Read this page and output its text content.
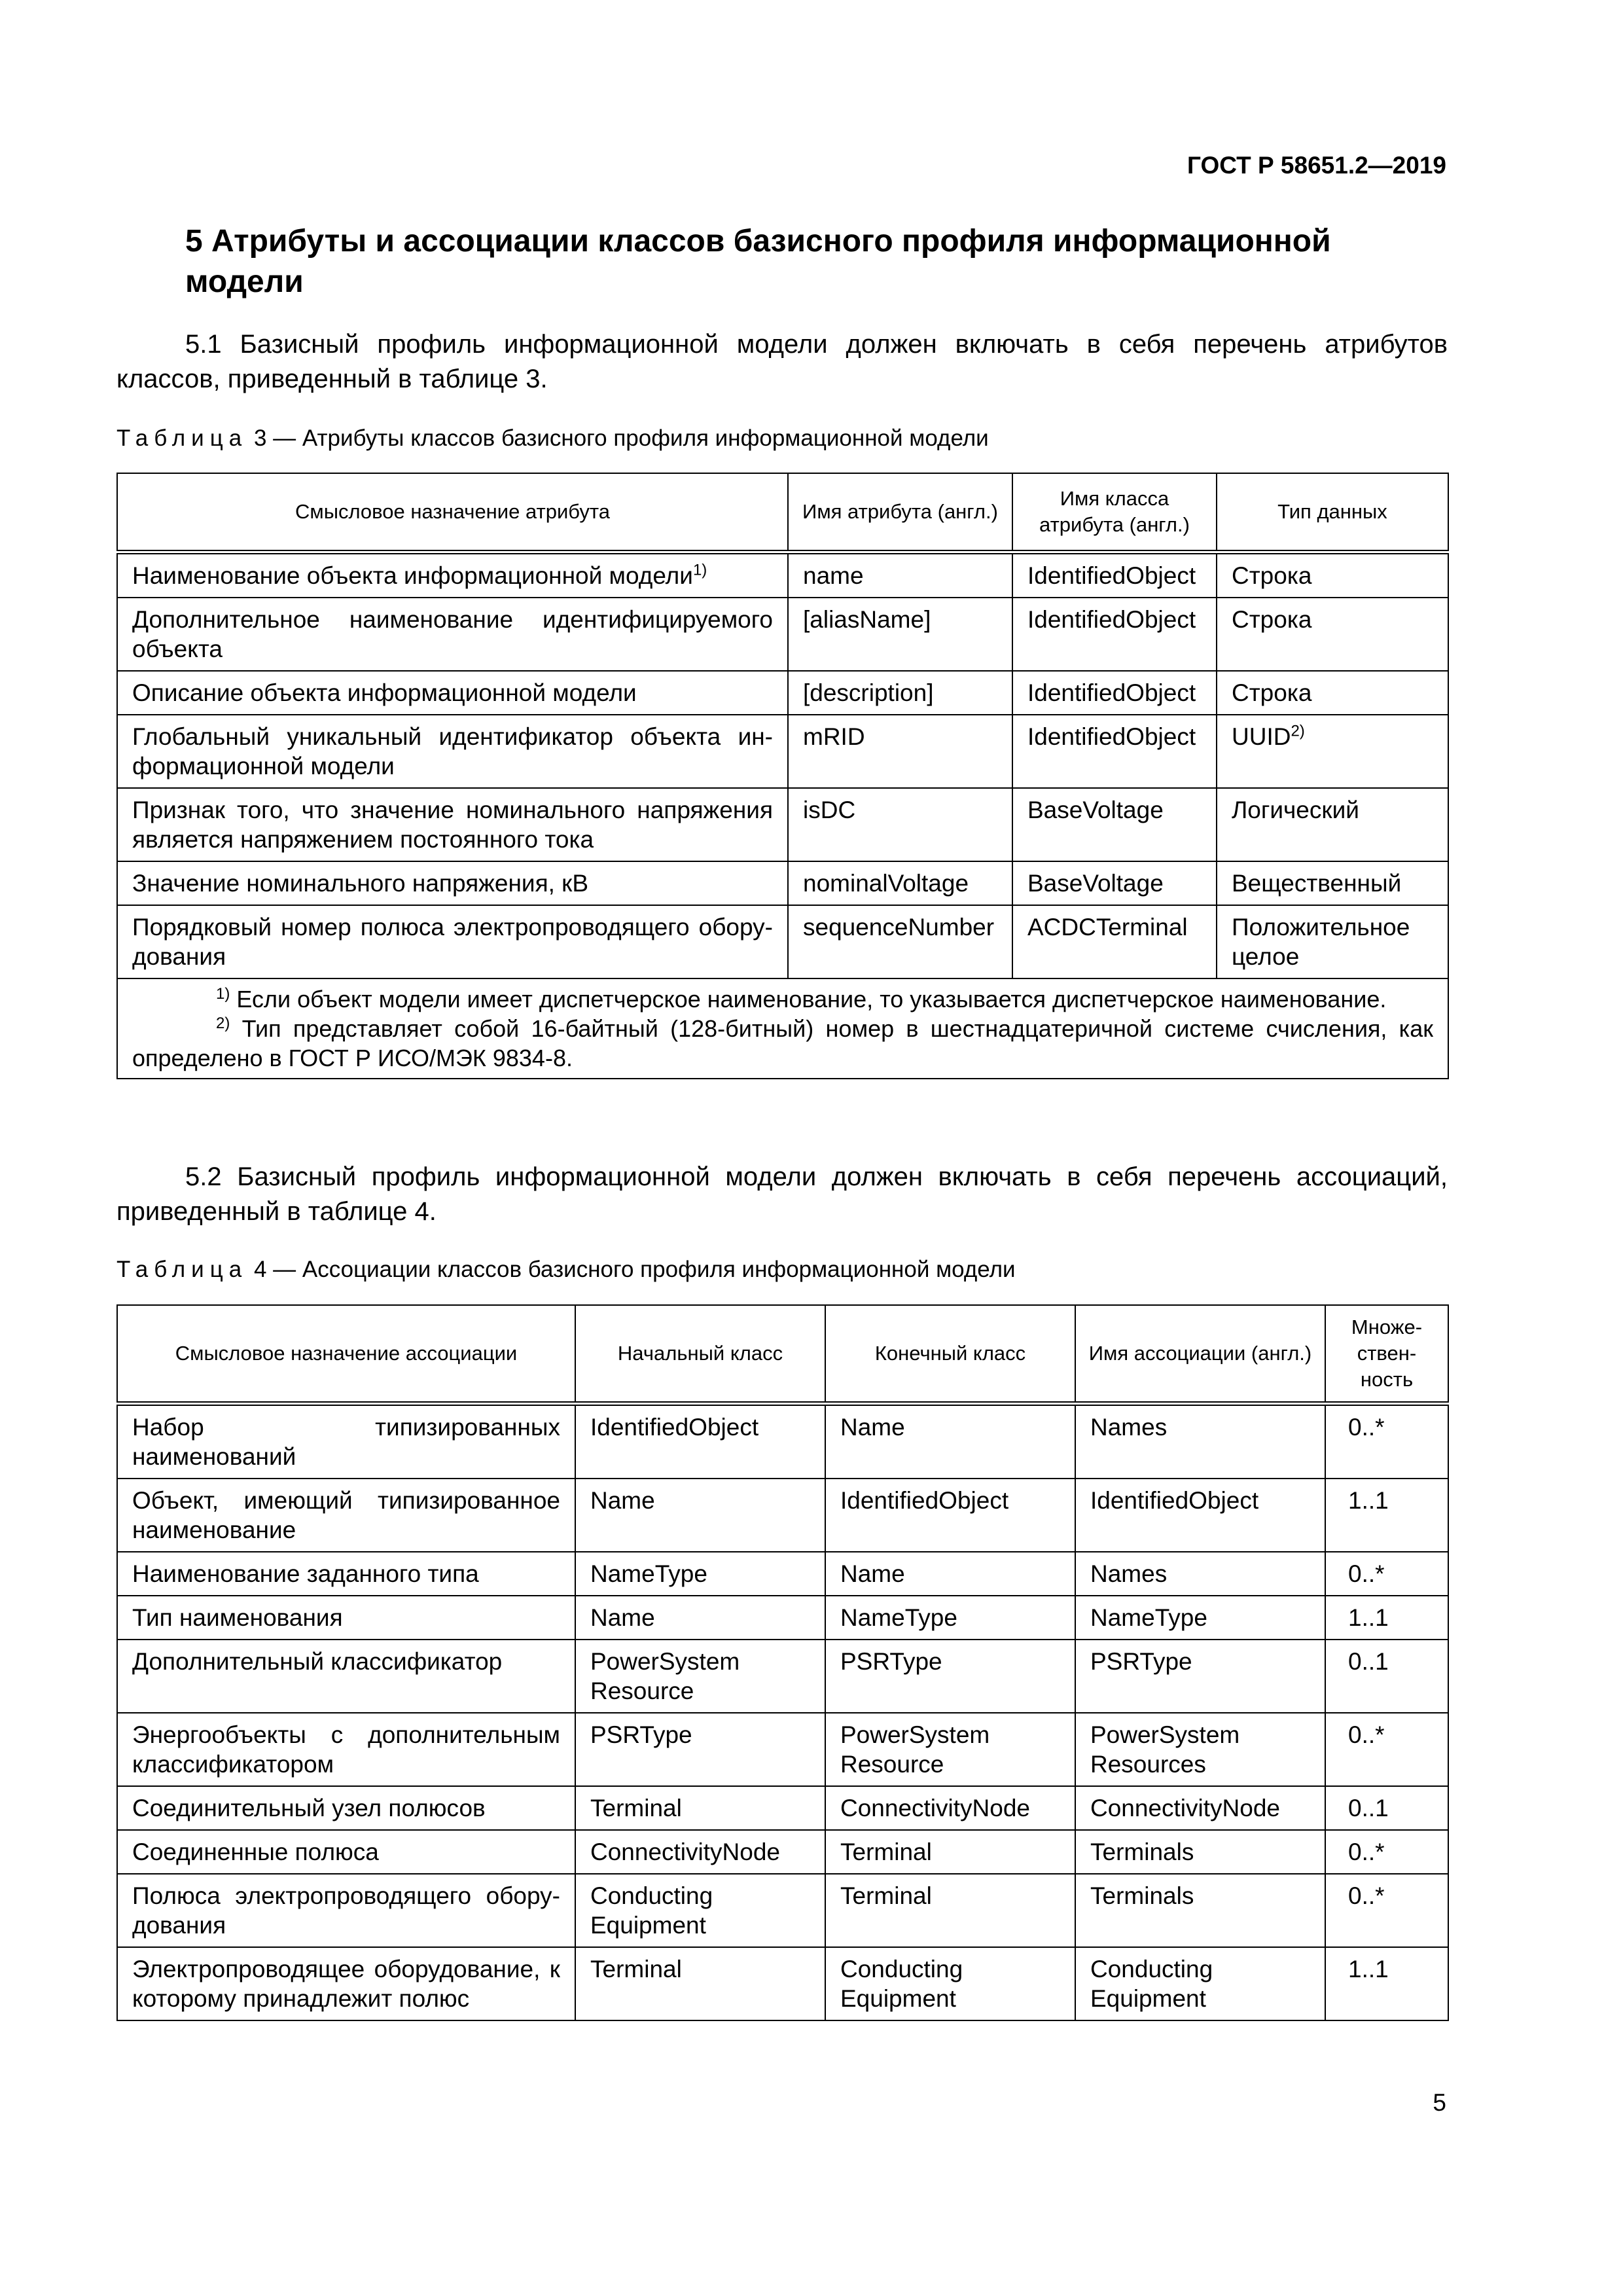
ГОСТ Р 58651.2—2019
5 Атрибуты и ассоциации классов базисного профиля информационной модели
5.1 Базисный профиль информационной модели должен включать в себя перечень атрибутов классов, приведенный в таблице 3.
Таблица 3 — Атрибуты классов базисного профиля информационной модели
Смысловое назначение атрибута	Имя атрибута (англ.)	Имя класса атрибута (англ.)	Тип данных
Наименование объекта информационной модели$^{1)}$	name	IdentifiedObject	Строка
Дополнительное наименование идентифицируемого объекта	[aliasName]	IdentifiedObject	Строка
Описание объекта информационной модели	[description]	IdentifiedObject	Строка
Глобальный уникальный идентификатор объекта ин-формационной модели	mRID	IdentifiedObject	UUID$^{2)}$
Признак того, что значение номинального напряжения является напряжением постоянного тока	isDC	BaseVoltage	Логический
Значение номинального напряжения, кВ	nominalVoltage	BaseVoltage	Вещественный
Порядковый номер полюса электропроводящего обору-дования	sequenceNumber	ACDCTerminal	Положительное целое

$^{1)}$ Если объект модели имеет диспетчерское наименование, то указывается диспетчерское наименование.
$^{2)}$ Тип представляет собой 16-байтный (128-битный) номер в шестнадцатеричной системе счисления, как определено в ГОСТ Р ИСО/МЭК 9834-8.			
5.2 Базисный профиль информационной модели должен включать в себя перечень ассоциаций, приведенный в таблице 4.
Таблица 4 — Ассоциации классов базисного профиля информационной модели
Смысловое назначение ассоциации	Начальный класс	Конечный класс	Имя ассоциации (англ.)	Множе-ствен-ность
Набор типизированных наименований	IdentifiedObject	Name	Names	0..*
Объект, имеющий типизированное наименование	Name	IdentifiedObject	IdentifiedObject	1..1
Наименование заданного типа	NameType	Name	Names	0..*
Тип наименования	Name	NameType	NameType	1..1
Дополнительный классификатор	PowerSystem Resource	PSRType	PSRType	0..1
Энергообъекты с дополнительным классификатором	PSRType	PowerSystem Resource	PowerSystem Resources	0..*
Соединительный узел полюсов	Terminal	ConnectivityNode	ConnectivityNode	0..1
Соединенные полюса	ConnectivityNode	Terminal	Terminals	0..*
Полюса электропроводящего обору-дования	Conducting Equipment	Terminal	Terminals	0..*
Электропроводящее оборудование, к которому принадлежит полюс	Terminal	Conducting Equipment	Conducting Equipment	1..1
5
